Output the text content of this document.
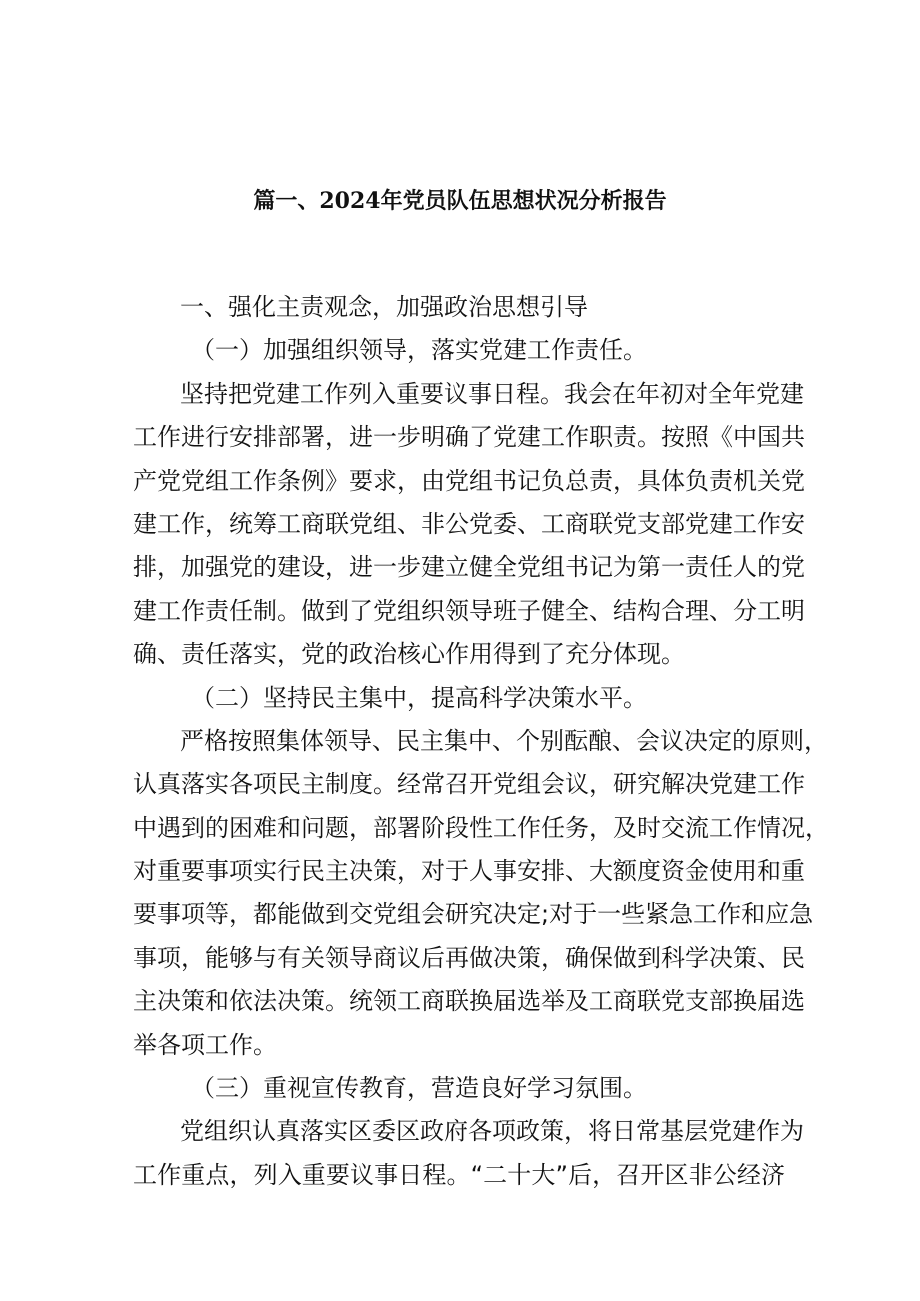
篇一、2024年党员队伍思想状况分析报告
一、强化主责观念，加强政治思想引导
（一）加强组织领导，落实党建工作责任。
坚持把党建工作列入重要议事日程。我会在年初对全年党建
工作进行安排部署，进一步明确了党建工作职责。按照《中国共
产党党组工作条例》要求，由党组书记负总责，具体负责机关党
建工作，统筹工商联党组、非公党委、工商联党支部党建工作安
排，加强党的建设，进一步建立健全党组书记为第一责任人的党
建工作责任制。做到了党组织领导班子健全、结构合理、分工明
确、责任落实，党的政治核心作用得到了充分体现。
（二）坚持民主集中，提高科学决策水平。
严格按照集体领导、民主集中、个别酝酿、会议决定的原则，
认真落实各项民主制度。经常召开党组会议，研究解决党建工作
中遇到的困难和问题，部署阶段性工作任务，及时交流工作情况，
对重要事项实行民主决策，对于人事安排、大额度资金使用和重
要事项等，都能做到交党组会研究决定;对于一些紧急工作和应急
事项，能够与有关领导商议后再做决策，确保做到科学决策、民
主决策和依法决策。统领工商联换届选举及工商联党支部换届选
举各项工作。
（三）重视宣传教育，营造良好学习氛围。
党组织认真落实区委区政府各项政策，将日常基层党建作为
工作重点，列入重要议事日程。“二十大”后，召开区非公经济
